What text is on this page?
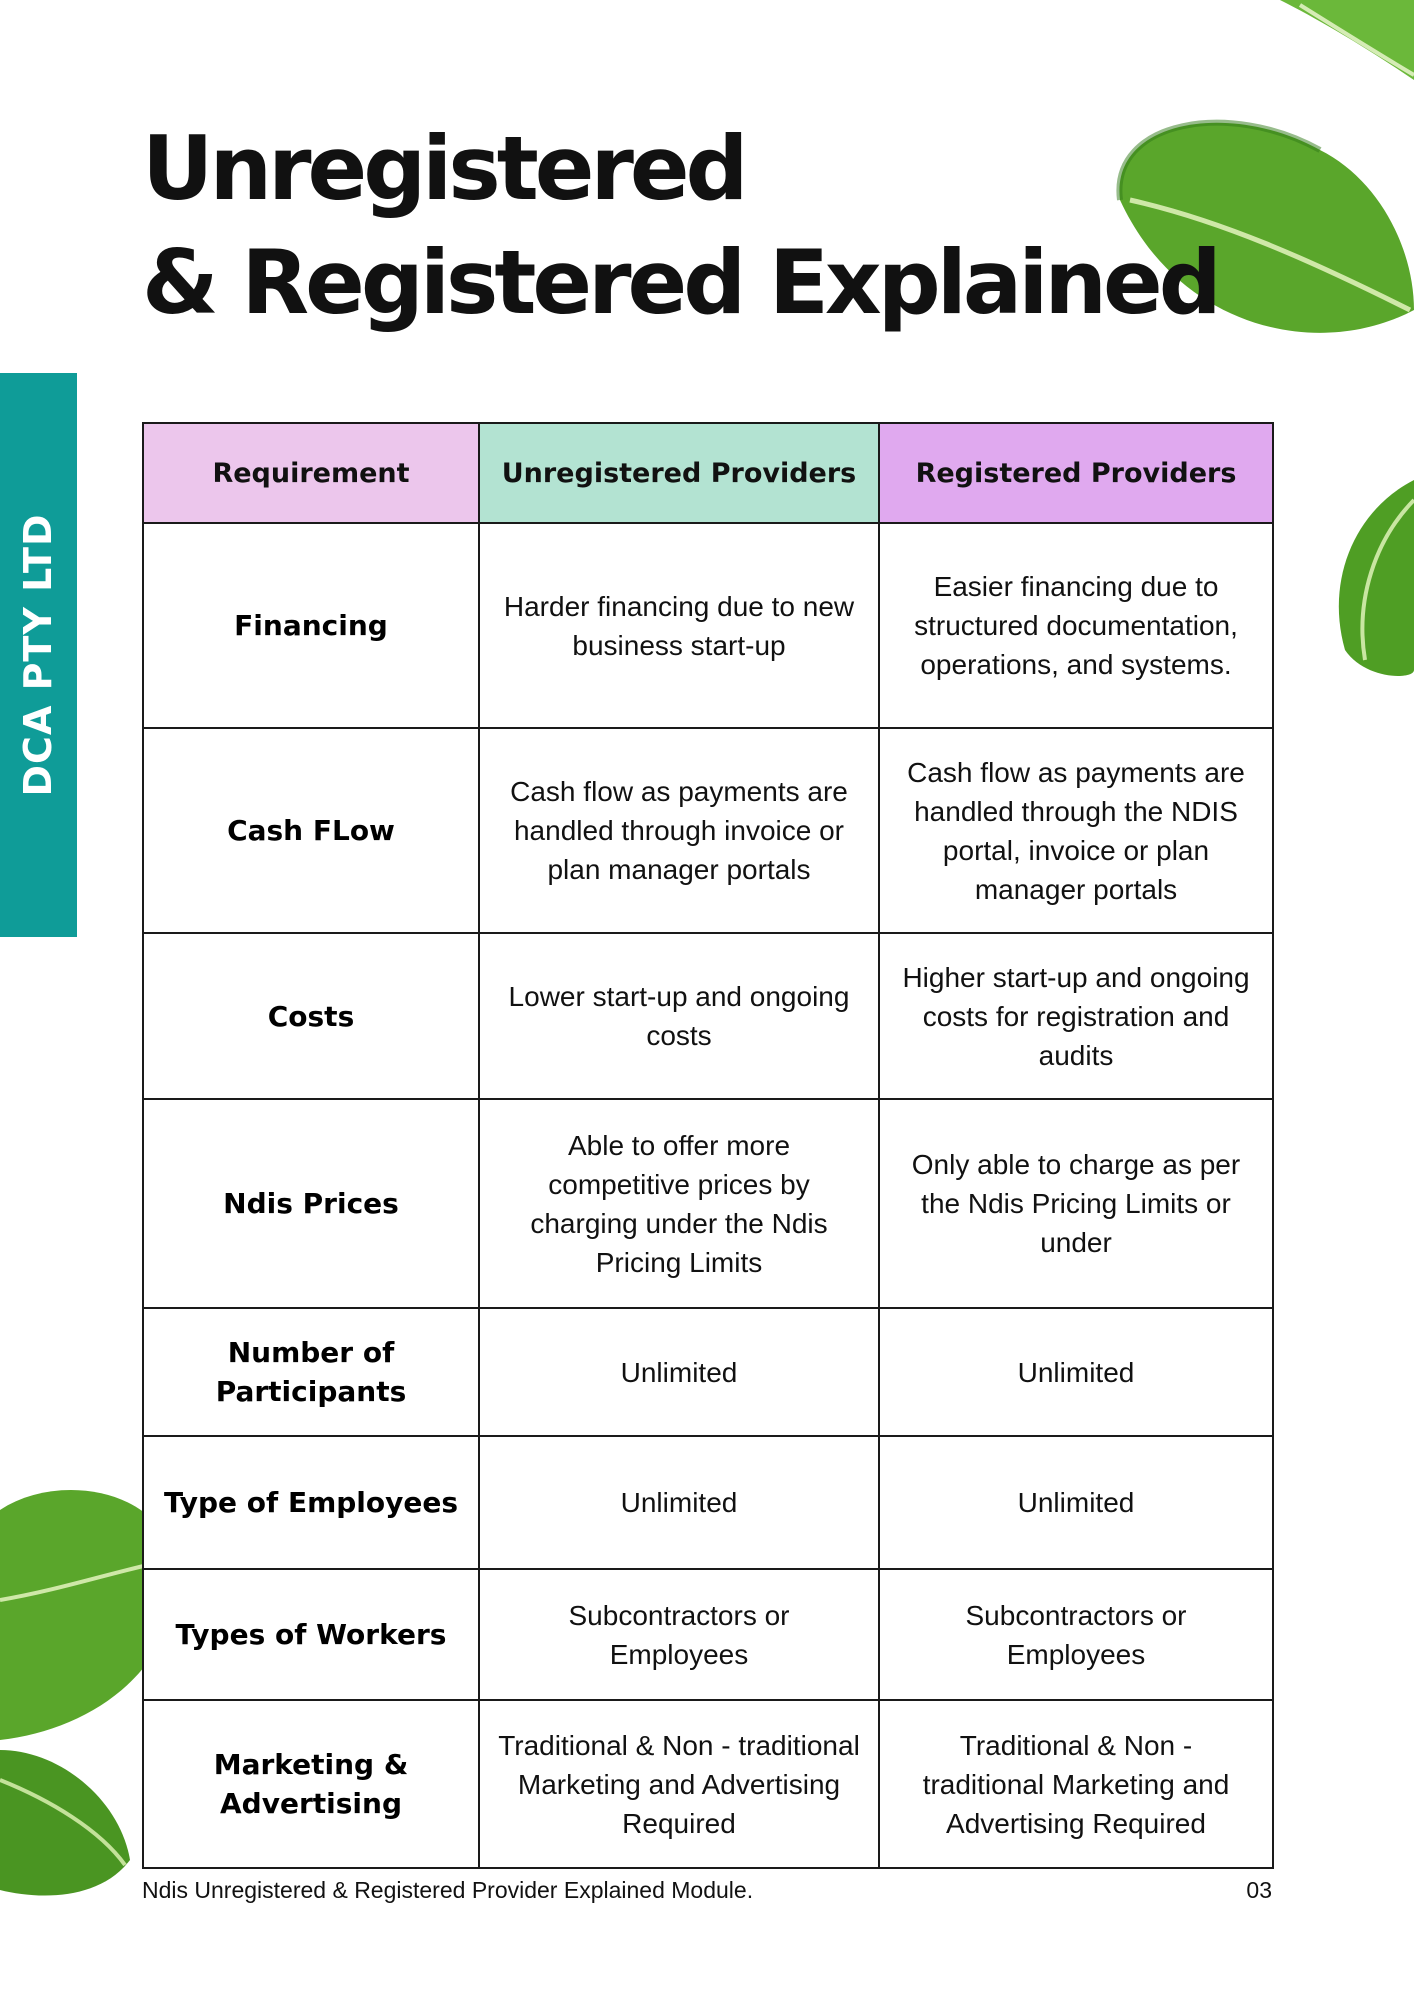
Unregistered
& Registered Explained
DCA PTY LTD
Requirement	Unregistered Providers	Registered Providers
Financing	Harder financing due to new business start-up	Easier financing due to structured documentation, operations, and systems.
Cash FLow	Cash flow as payments are handled through invoice or plan manager portals	Cash flow as payments are handled through the NDIS portal, invoice or plan manager portals
Costs	Lower start-up and ongoing costs	Higher start-up and ongoing costs for registration and audits
Ndis Prices	Able to offer more competitive prices by charging under the Ndis Pricing Limits	Only able to charge as per the Ndis Pricing Limits or under
Number of Participants	Unlimited	Unlimited
Type of Employees	Unlimited	Unlimited
Types of Workers	Subcontractors or Employees	Subcontractors or Employees
Marketing & Advertising	Traditional & Non - traditional Marketing and Advertising Required	Traditional & Non - traditional Marketing and Advertising Required
Ndis Unregistered & Registered Provider Explained Module.	03
